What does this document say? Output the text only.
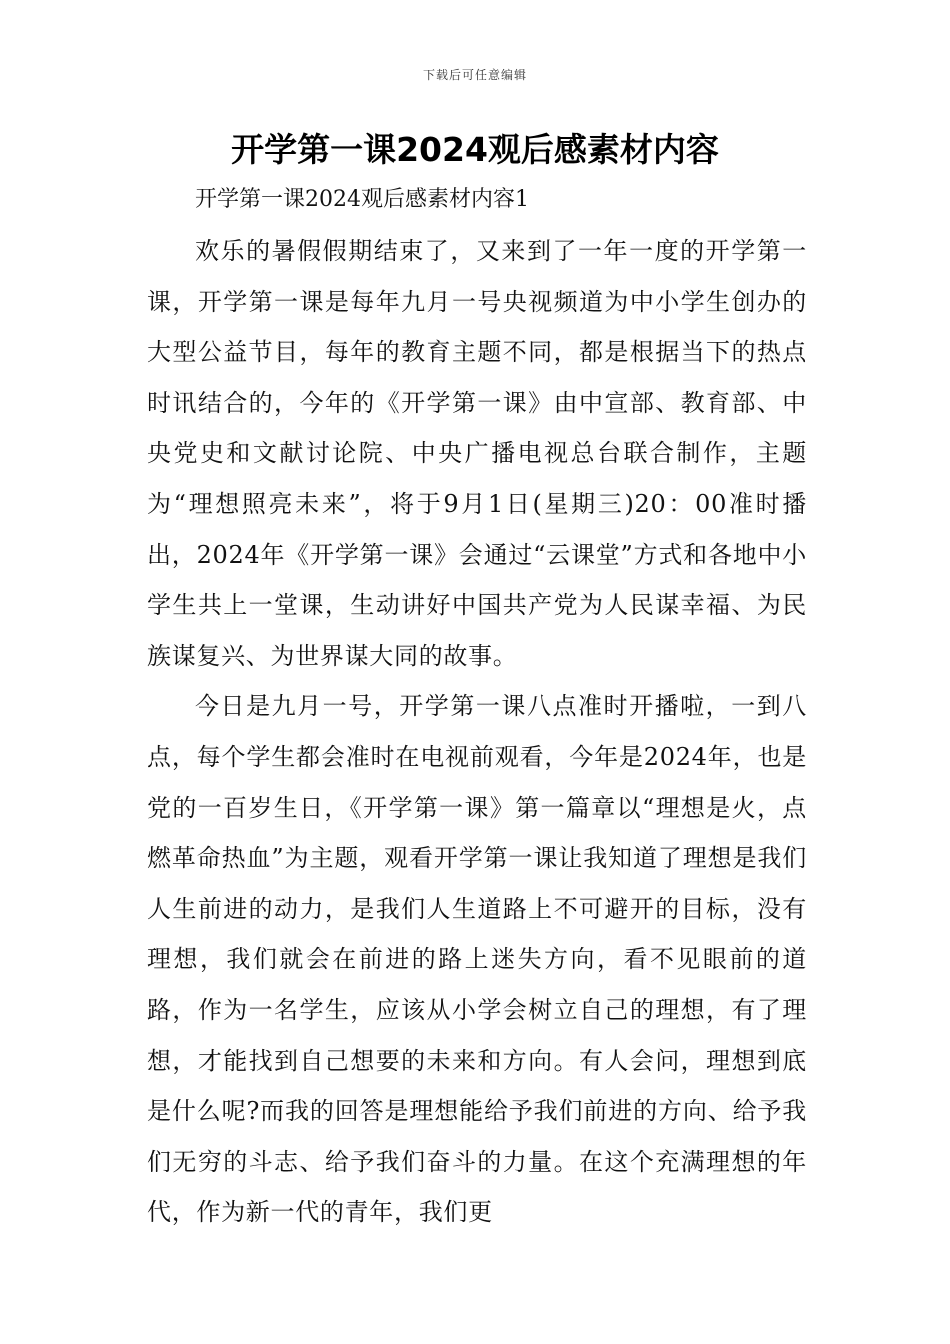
下载后可任意编辑
开学第一课2024观后感素材内容

开学第一课2024观后感素材内容1

欢乐的暑假假期结束了，又来到了一年一度的开学第一课，开学第一课是每年九月一号央视频道为中小学生创办的大型公益节目，每年的教育主题不同，都是根据当下的热点时讯结合的，今年的《开学第一课》由中宣部、教育部、中央党史和文献讨论院、中央广播电视总台联合制作，主题为“理想照亮未来”，将于9月1日(星期三)20：00准时播出，2024年《开学第一课》会通过“云课堂”方式和各地中小学生共上一堂课，生动讲好中国共产党为人民谋幸福、为民族谋复兴、为世界谋大同的故事。

今日是九月一号，开学第一课八点准时开播啦，一到八点，每个学生都会准时在电视前观看，今年是2024年，也是党的一百岁生日，《开学第一课》第一篇章以“理想是火，点燃革命热血”为主题，观看开学第一课让我知道了理想是我们人生前进的动力，是我们人生道路上不可避开的目标，没有理想，我们就会在前进的路上迷失方向，看不见眼前的道路，作为一名学生，应该从小学会树立自己的理想，有了理想，才能找到自己想要的未来和方向。有人会问，理想到底是什么呢?而我的回答是理想能给予我们前进的方向、给予我们无穷的斗志、给予我们奋斗的力量。在这个充满理想的年代，作为新一代的青年，我们更
